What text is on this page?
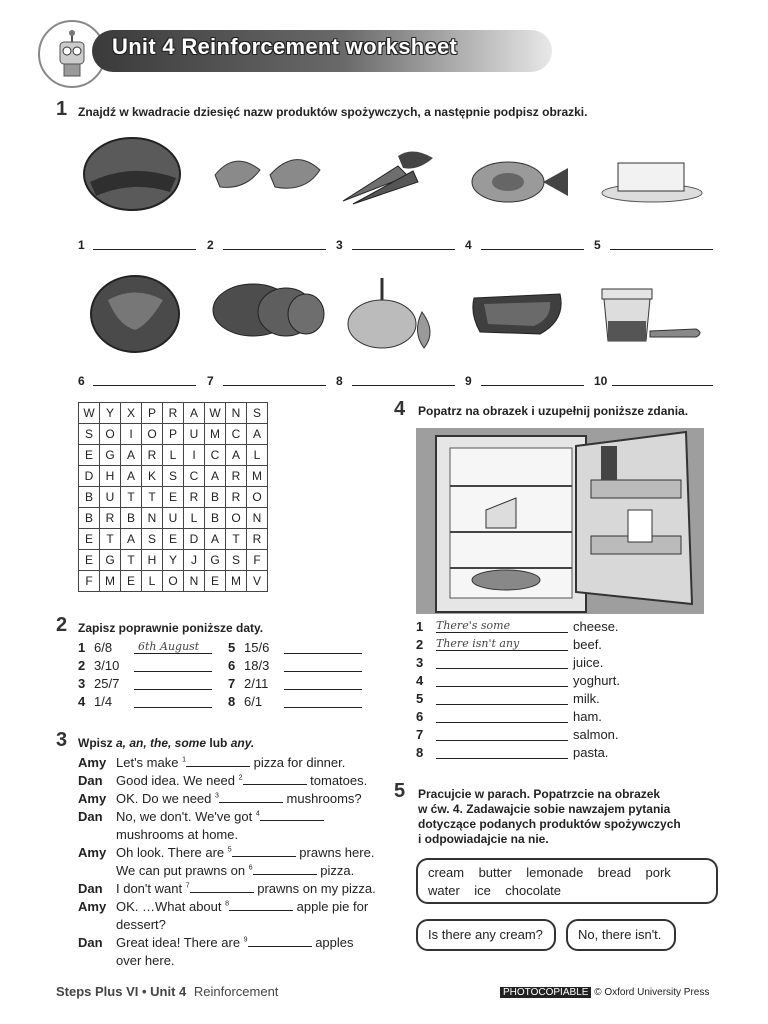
Unit 4 Reinforcement worksheet
1 Znajdź w kwadracie dziesięć nazw produktów spożywczych, a następnie podpisz obrazki.
1	2	3	4	5
6	7	8	9	10
W	Y	X	P	R	A	W	N	S
S	O	I	O	P	U	M	C	A
E	G	A	R	L	I	C	A	L
D	H	A	K	S	C	A	R	M
B	U	T	T	E	R	B	R	O
B	R	B	N	U	L	B	O	N
E	T	A	S	E	D	A	T	R
E	G	T	H	Y	J	G	S	F
F	M	E	L	O	N	E	M	V
2 Zapisz poprawnie poniższe daty.
1 6/8	6th August	5 15/6
2 3/10	6 18/3
3 25/7	7 2/11
4 1/4	8 6/1
3 Wpisz a, an, the, some lub any.
Amy Let's make $^1$	pizza for dinner.
Dan Good idea. We need $^2$	tomatoes.
Amy OK. Do we need $^3$	mushrooms?
Dan No, we don't. We've got $^4$
mushrooms at home.
Amy Oh look. There are $^5$	prawns here.
We can put prawns on $^6$	pizza.
Dan I don't want $^7$	prawns on my pizza.
Amy OK. …What about $^8$	apple pie for
dessert?
Dan Great idea! There are $^9$	apples
over here.
4 Popatrz na obrazek i uzupełnij poniższe zdania.
1 There's some	cheese.
2 There isn't any	beef.
3	juice.
4	yoghurt.
5	milk.
6	ham.
7	salmon.
8	pasta.
5 Pracujcie w parach. Popatrzcie na obrazek
w ćw. 4. Zadawajcie sobie nawzajem pytania
dotyczące podanych produktów spożywczych
i odpowiadajcie na nie.
cream    butter    lemonade    bread    pork
water    ice    chocolate
Is there any cream?	No, there isn't.
Steps Plus VI • Unit 4 Reinforcement	PHOTOCOPIABLE © Oxford University Press
